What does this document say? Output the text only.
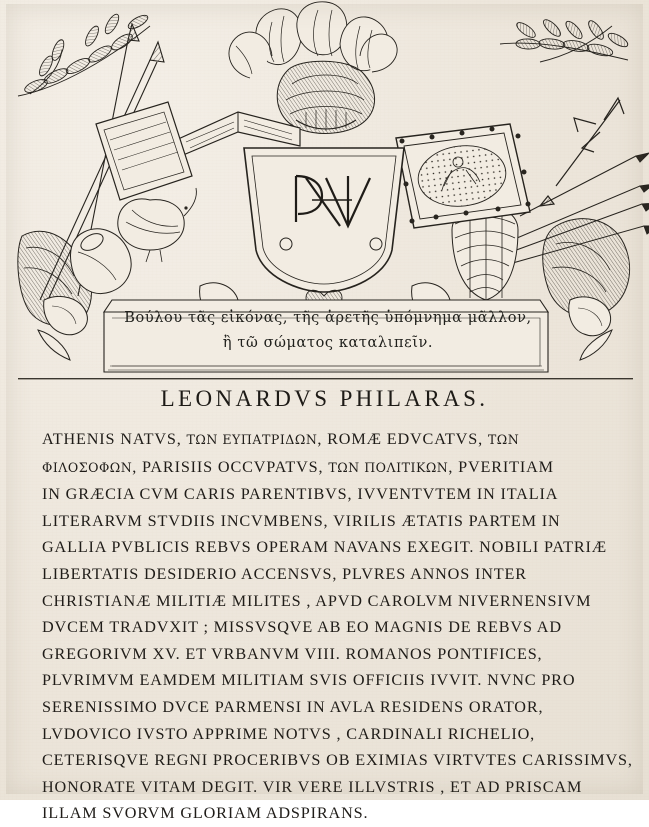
Βούλου τᾶς εἰκόνας, τῆς ἀρετῆς ὑπόμνημα μᾶλλον,
ἢ τῶ σώματος καταλιπεῖν.
LEONARDVS PHILARAS.
ATHENIS NATVS, ΤΩΝ ΕΥΠΑΤΡΙΔΩΝ, ROMÆ EDVCATVS, ΤΩΝ
ΦΙΛΟΣΟΦΩΝ, PARISIIS OCCVPATVS, ΤΩΝ ΠΟΛΙΤΙΚΩΝ, PVERITIAM
IN GRÆCIA CVM CARIS PARENTIBVS, IVVENTVTEM IN ITALIA
LITERARVM STVDIIS INCVMBENS, VIRILIS ÆTATIS PARTEM IN
GALLIA PVBLICIS REBVS OPERAM NAVANS EXEGIT. NOBILI PATRIÆ
LIBERTATIS DESIDERIO ACCENSVS, PLVRES ANNOS INTER
CHRISTIANÆ MILITIÆ MILITES , APVD CAROLVM NIVERNENSIVM
DVCEM TRADVXIT ; MISSVSQVE AB EO MAGNIS DE REBVS AD
GREGORIVM XV. ET VRBANVM VIII. ROMANOS PONTIFICES,
PLVRIMVM EAMDEM MILITIAM SVIS OFFICIIS IVVIT. NVNC PRO
SERENISSIMO DVCE PARMENSI IN AVLA RESIDENS ORATOR,
LVDOVICO IVSTO APPRIME NOTVS , CARDINALI RICHELIO,
CETERISQVE REGNI PROCERIBVS OB EXIMIAS VIRTVTES CARISSIMVS,
HONORATE VITAM DEGIT. VIR VERE ILLVSTRIS , ET AD PRISCAM
ILLAM SVORVM GLORIAM ADSPIRANS.
